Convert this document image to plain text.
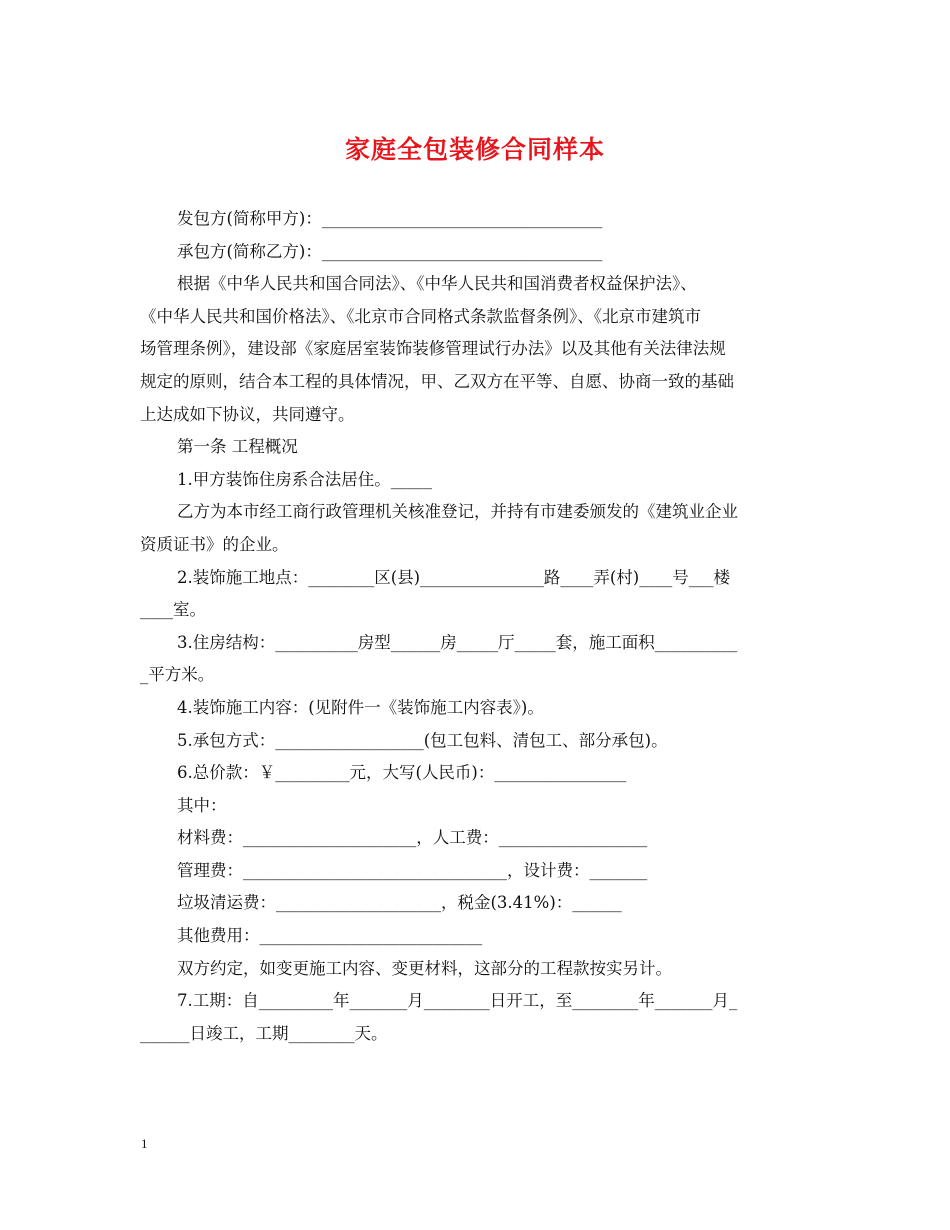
家庭全包装修合同样本

发包方(简称甲方)：__________________________________

承包方(简称乙方)：__________________________________

根据《中华人民共和国合同法》、《中华人民共和国消费者权益保护法》、

《中华人民共和国价格法》、《北京市合同格式条款监督条例》、《北京市建筑市

场管理条例》，建设部《家庭居室装饰装修管理试行办法》以及其他有关法律法规

规定的原则，结合本工程的具体情况，甲、乙双方在平等、自愿、协商一致的基础

上达成如下协议，共同遵守。

第一条 工程概况

1.甲方装饰住房系合法居住。_____

乙方为本市经工商行政管理机关核准登记，并持有市建委颁发的《建筑业企业

资质证书》的企业。

2.装饰施工地点：________区(县)_______________路____弄(村)____号___楼

____室。

3.住房结构：__________房型______房_____厅_____套，施工面积__________

_平方米。

4.装饰施工内容：(见附件一《装饰施工内容表》)。

5.承包方式：__________________(包工包料、清包工、部分承包)。

6.总价款：￥_________元，大写(人民币)：________________

其中：

材料费：_____________________，人工费：__________________

管理费：________________________________，设计费：_______

垃圾清运费：____________________，税金(3.41%)：______

其他费用：___________________________

双方约定，如变更施工内容、变更材料，这部分的工程款按实另计。

7.工期：自_________年_______月________日开工，至________年_______月_

______日竣工，工期________天。

1
